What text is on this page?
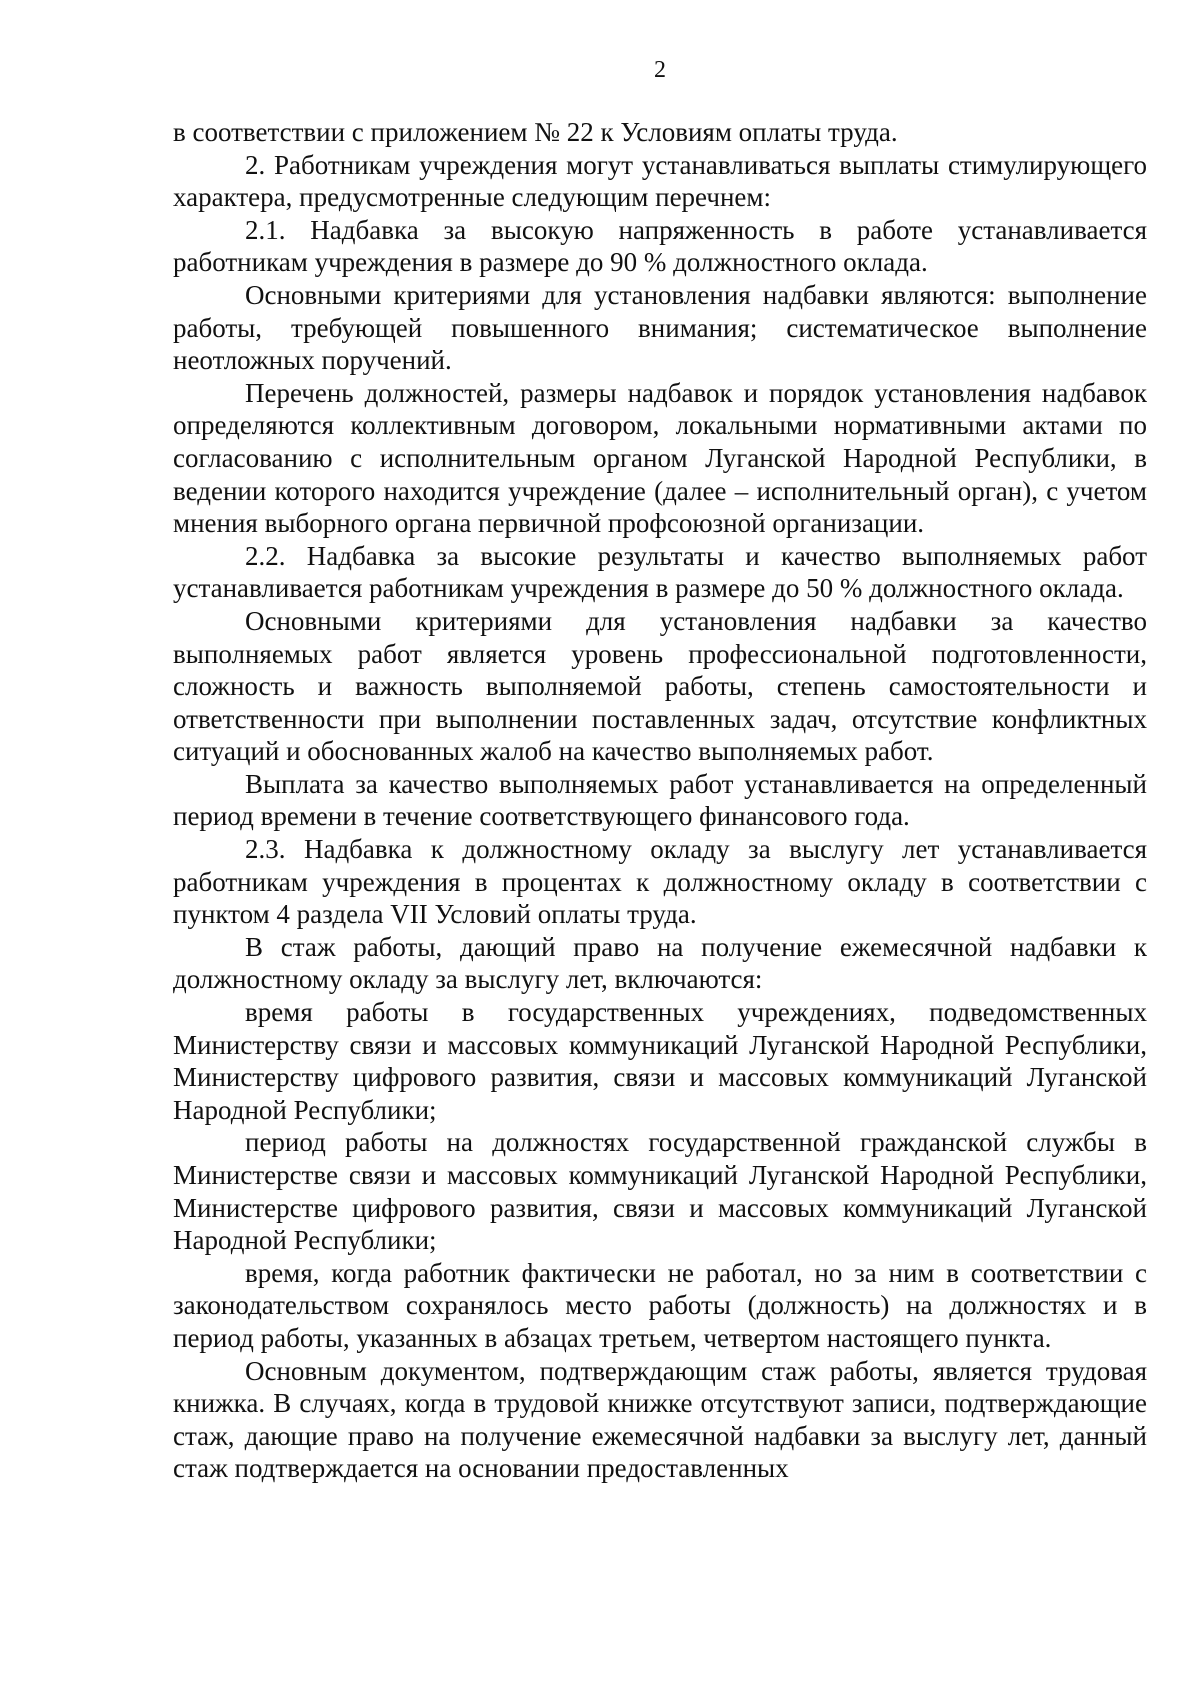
2

в соответствии с приложением № 22 к Условиям оплаты труда.

2. Работникам учреждения могут устанавливаться выплаты стимулирующего характера, предусмотренные следующим перечнем:

2.1. Надбавка за высокую напряженность в работе устанавливается работникам учреждения в размере до 90 % должностного оклада.

Основными критериями для установления надбавки являются: выполнение работы, требующей повышенного внимания; систематическое выполнение неотложных поручений.

Перечень должностей, размеры надбавок и порядок установления надбавок определяются коллективным договором, локальными нормативными актами по согласованию с исполнительным органом Луганской Народной Республики, в ведении которого находится учреждение (далее – исполнительный орган), с учетом мнения выборного органа первичной профсоюзной организации.

2.2. Надбавка за высокие результаты и качество выполняемых работ устанавливается работникам учреждения в размере до 50 % должностного оклада.

Основными критериями для установления надбавки за качество выполняемых работ является уровень профессиональной подготовленности, сложность и важность выполняемой работы, степень самостоятельности и ответственности при выполнении поставленных задач, отсутствие конфликтных ситуаций и обоснованных жалоб на качество выполняемых работ.

Выплата за качество выполняемых работ устанавливается на определенный период времени в течение соответствующего финансового года.

2.3. Надбавка к должностному окладу за выслугу лет устанавливается работникам учреждения в процентах к должностному окладу в соответствии с пунктом 4 раздела VII Условий оплаты труда.

В стаж работы, дающий право на получение ежемесячной надбавки к должностному окладу за выслугу лет, включаются:

время работы в государственных учреждениях, подведомственных Министерству связи и массовых коммуникаций Луганской Народной Республики, Министерству цифрового развития, связи и массовых коммуникаций Луганской Народной Республики;

период работы на должностях государственной гражданской службы в Министерстве связи и массовых коммуникаций Луганской Народной Республики, Министерстве цифрового развития, связи и массовых коммуникаций Луганской Народной Республики;

время, когда работник фактически не работал, но за ним в соответствии с законодательством сохранялось место работы (должность) на должностях и в период работы, указанных в абзацах третьем, четвертом настоящего пункта.

Основным документом, подтверждающим стаж работы, является трудовая книжка. В случаях, когда в трудовой книжке отсутствуют записи, подтверждающие стаж, дающие право на получение ежемесячной надбавки за выслугу лет, данный стаж подтверждается на основании предоставленных
